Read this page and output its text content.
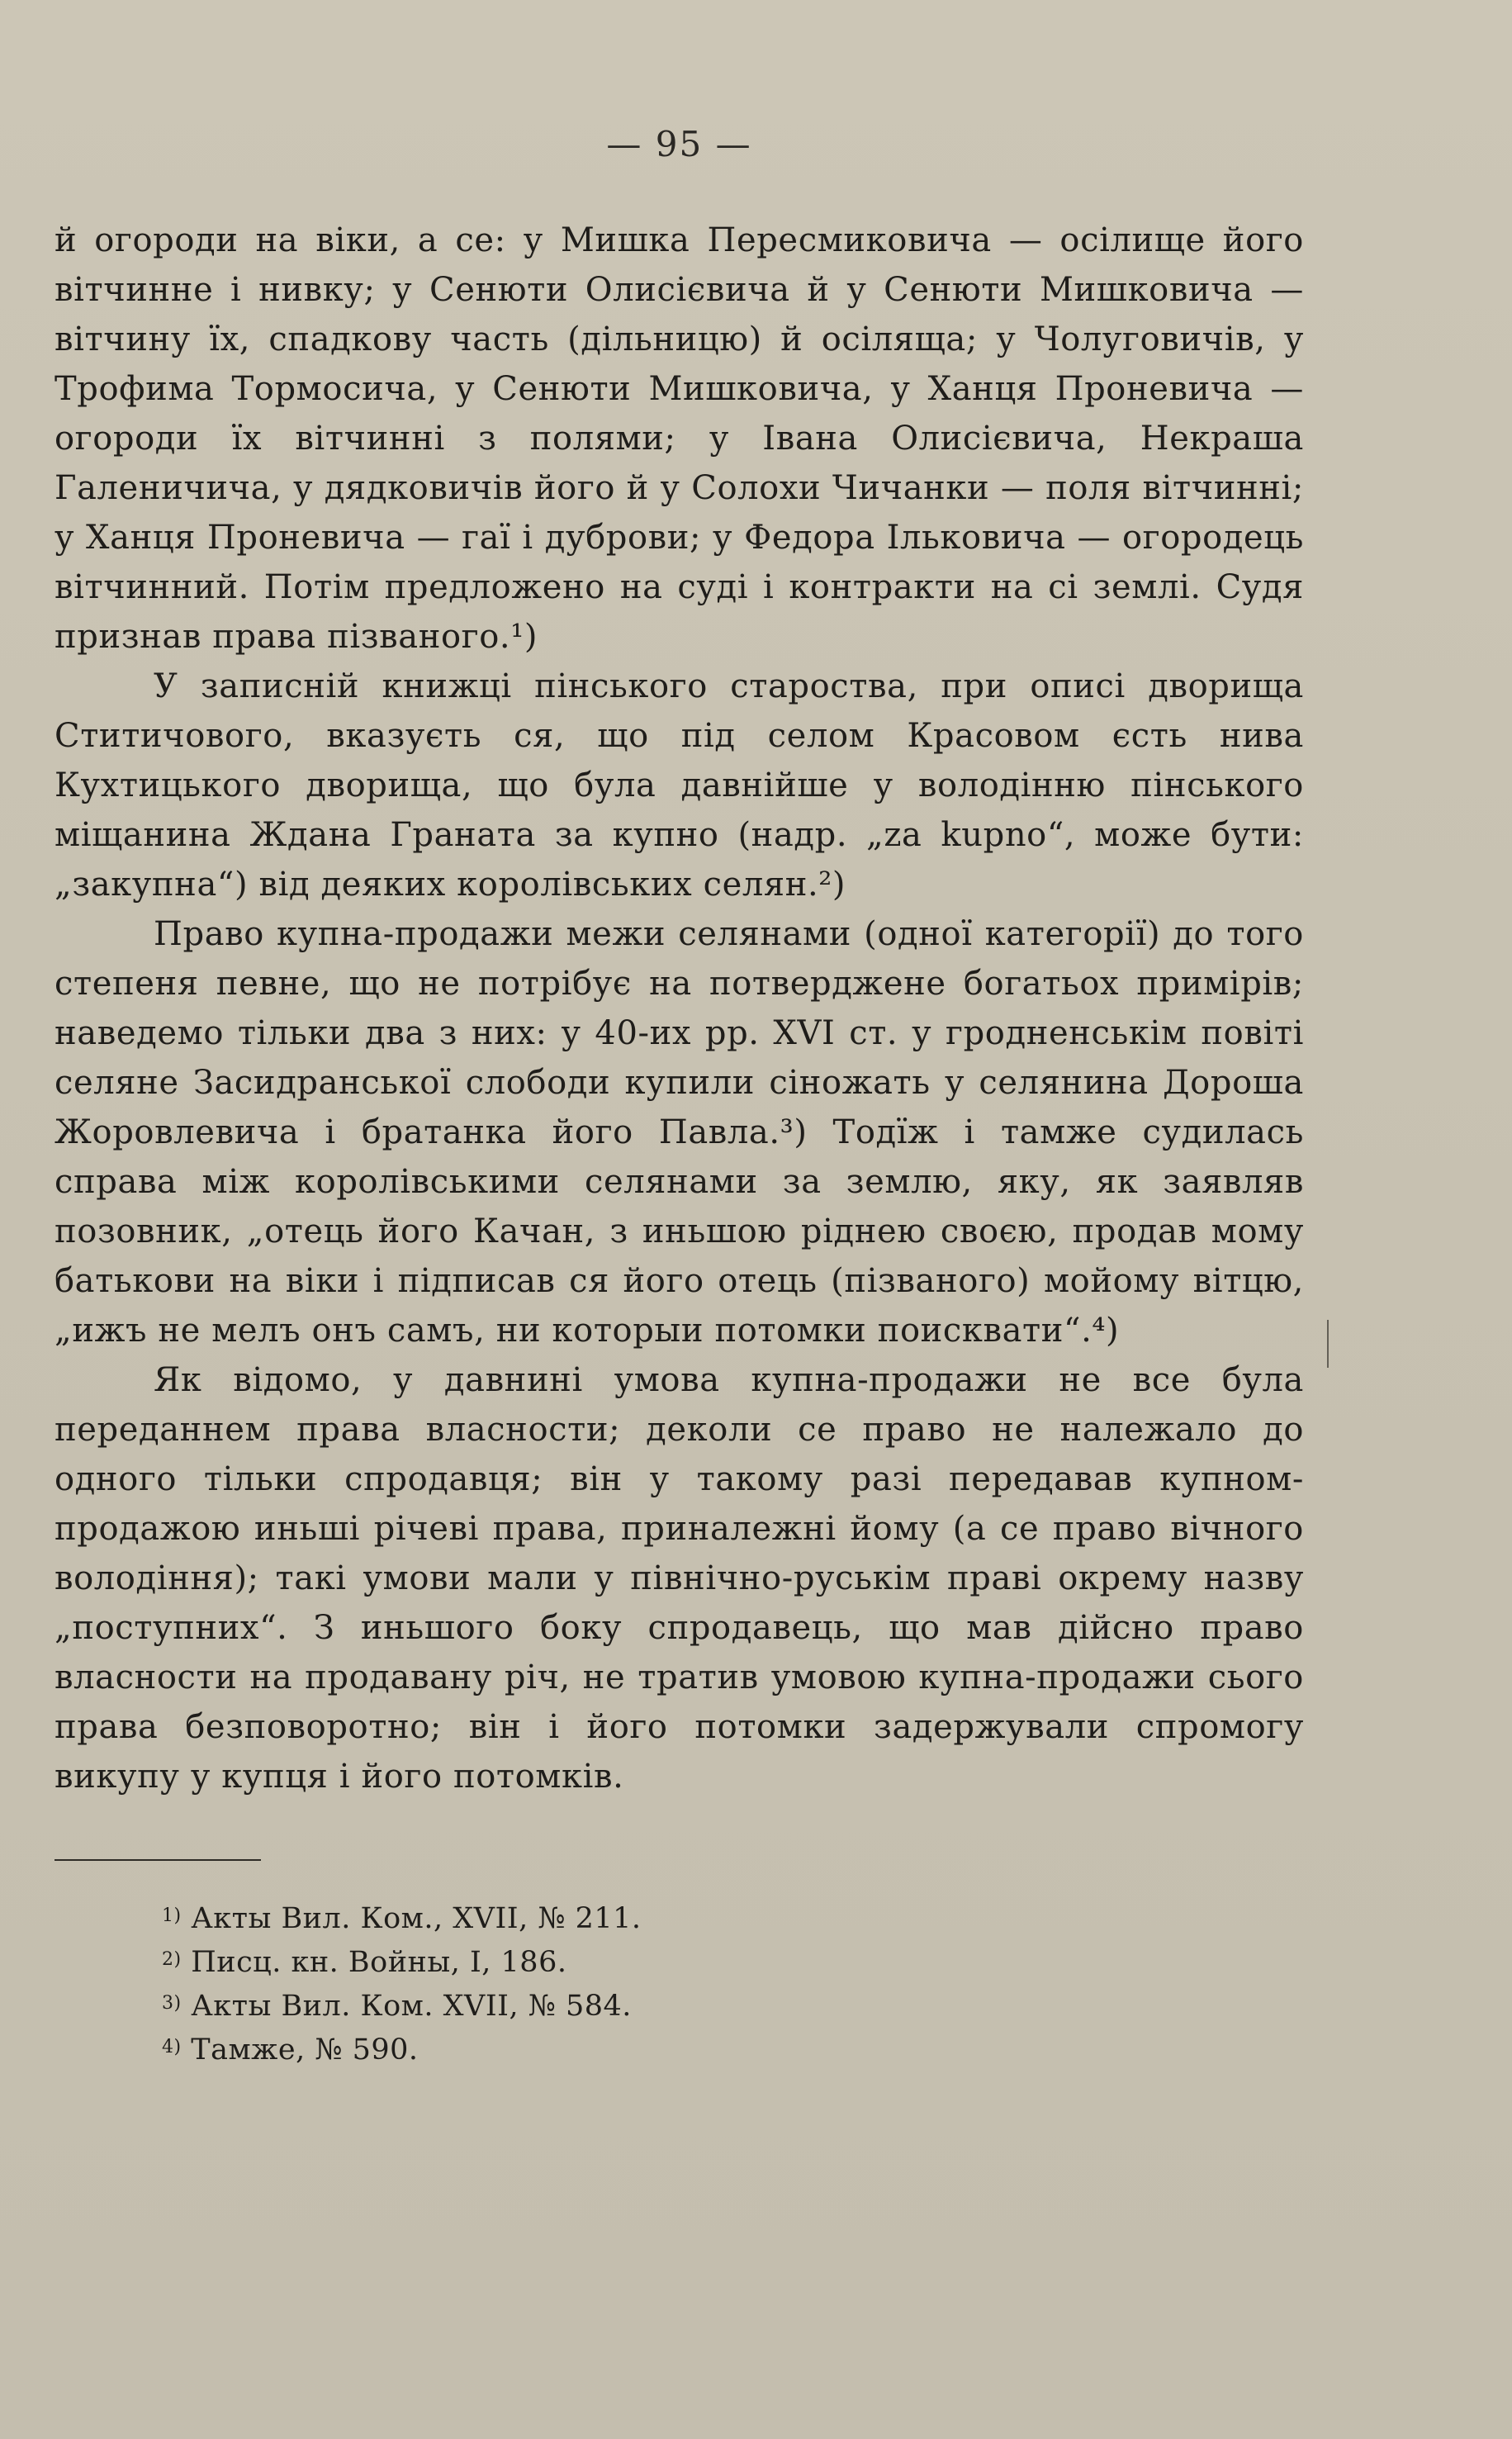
— 95 —

й огороди на віки, а се: у Мишка Пересмиковича — осілище його вітчинне і нивку; у Сенюти Олисієвича й у Сенюти Мишковича — вітчину їх, спадкову часть (дільницю) й осіляща; у Чолуговичів, у Трофима Тормосича, у Сенюти Мишковича, у Ханця Проневича — огороди їх вітчинні з полями; у Івана Олисієвича, Некраша Галеничича, у дядковичів його й у Солохи Чичанки — поля вітчинні; у Ханця Проневича — гаї і дуброви; у Федора Ільковича — огородець вітчинний. Потім предложено на суді і контракти на сі землі. Судя признав права пізваного.¹)

У записній книжці пінського староства, при описі дворища Ститичового, вказуєть ся, що під селом Красовом єсть нива Кухтицького дворища, що була давнійше у володінню пінського міщанина Ждана Граната за купно (надр. „za kupno“, може бути: „закупна“) від деяких королівських селян.²)

Право купна-продажи межи селянами (одної категорії) до того степеня певне, що не потрібує на потверджене богатьох примірів; наведемо тільки два з них: у 40-их рр. XVI ст. у гродненськім повіті селяне Засидранської слободи купили сіножать у селянина Дороша Жоровлевича і братанка його Павла.³) Тодїж і тамже судилась справа між королівськими селянами за землю, яку, як заявляв позовник, „отець його Качан, з иньшою ріднею своєю, продав мому батькови на віки і підписав ся його отець (пізваного) мойому вітцю, „ижъ не мелъ онъ самъ, ни которыи потомки поисквати“.⁴)

Як відомо, у давнині умова купна-продажи не все була переданнем права власности; деколи се право не належало до одного тільки спродавця; він у такому разі передавав купном-продажою иньші річеві права, приналежні йому (а се право вічного володіння); такі умови мали у північно-руськім праві окрему назву „поступних“. З иньшого боку спродавець, що мав дійсно право власности на продавану річ, не тратив умовою купна-продажи сього права безповоротно; він і його потомки задержували спромогу викупу у купця і його потомків.

$^{1)}$ Акты Вил. Ком., XVII, № 211.
$^{2)}$ Писц. кн. Войны, I, 186.
$^{3)}$ Акты Вил. Ком. XVII, № 584.
$^{4)}$ Тамже, № 590.
